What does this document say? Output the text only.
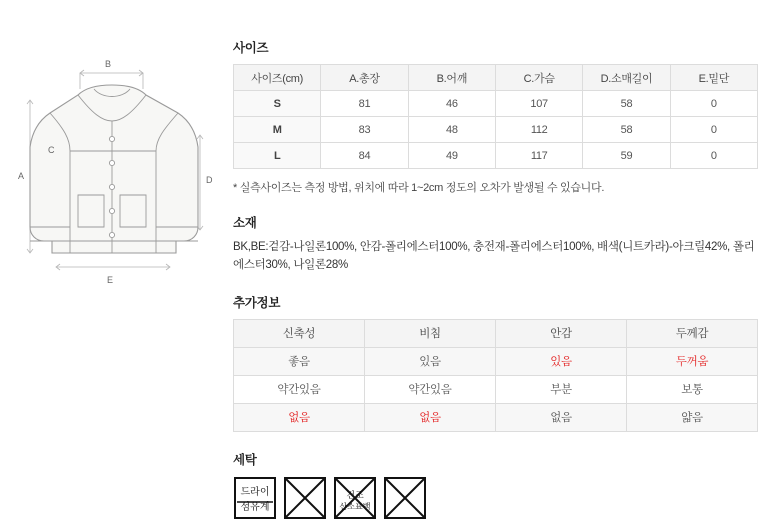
B
A
C
D
E
사이즈
사이즈(cm)	A.총장	B.어깨	C.가슴	D.소매길이	E.밑단
S	81	46	107	58	0
M	83	48	112	58	0
L	84	49	117	59	0

* 실측사이즈는 측정 방법, 위치에 따라 1~2cm 정도의 오차가 발생될 수 있습니다.

소재

BK,BE:겉감-나일론100%, 안감-폴리에스터100%, 충전재-폴리에스터100%, 배색(니트카라)-아크릴42%, 폴리에스터30%, 나일론28%

추가정보
신축성	비침	안감	두께감
좋음	있음	있음	두꺼움
약간있음	약간있음	부분	보통
없음	없음	없음	얇음
세탁
드라이
섬유계
건조
산소표백
